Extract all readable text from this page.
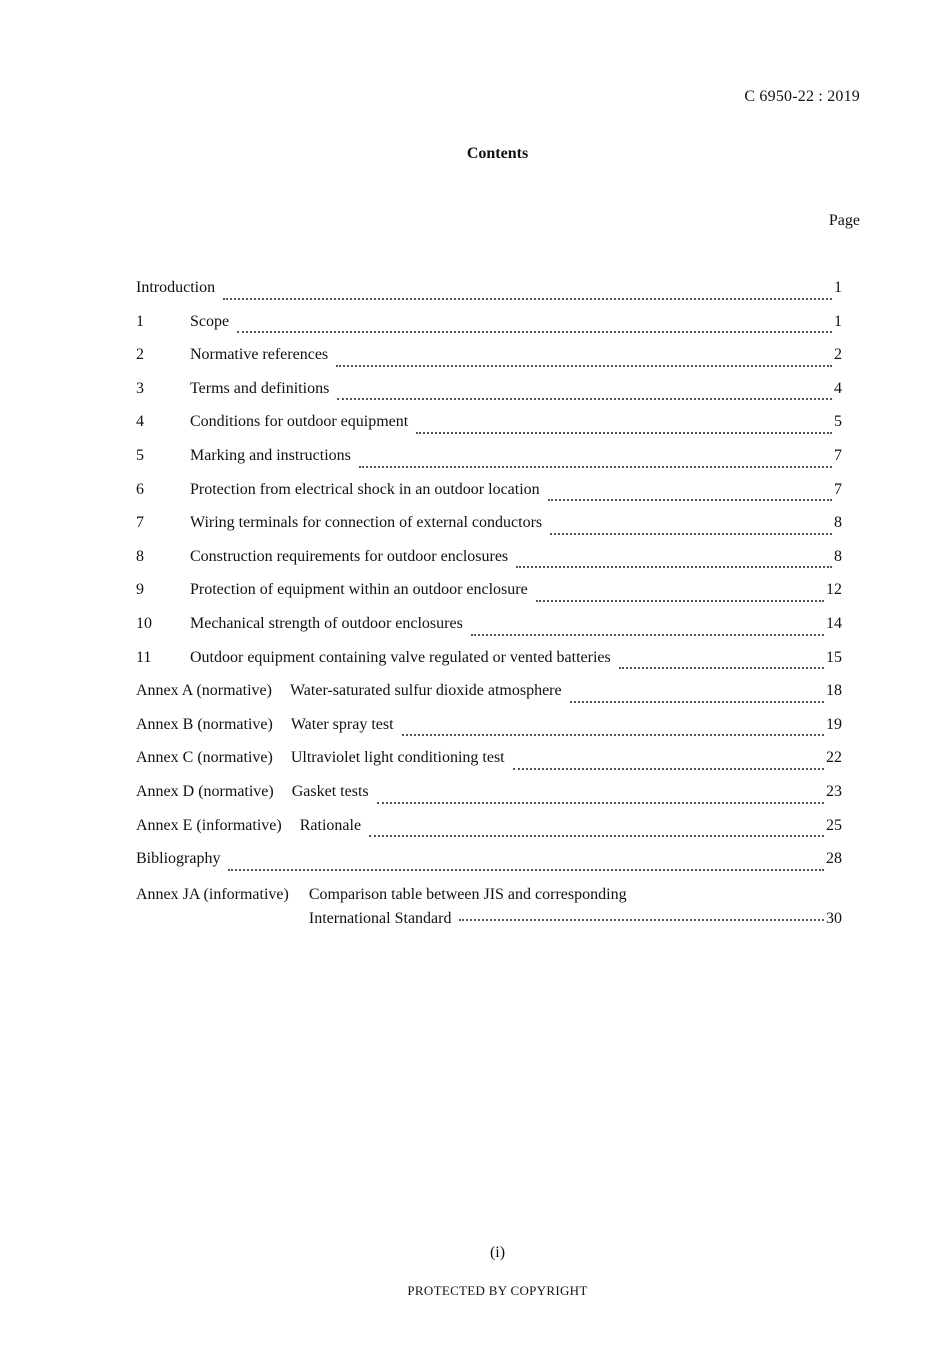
C 6950-22 : 2019
Contents
Page
Introduction	1
1	Scope	1
2	Normative references	2
3	Terms and definitions	4
4	Conditions for outdoor equipment	5
5	Marking and instructions	7
6	Protection from electrical shock in an outdoor location	7
7	Wiring terminals for connection of external conductors	8
8	Construction requirements for outdoor enclosures	8
9	Protection of equipment within an outdoor enclosure	12
10	Mechanical strength of outdoor enclosures	14
11	Outdoor equipment containing valve regulated or vented batteries	15
Annex A (normative)	Water-saturated sulfur dioxide atmosphere	18
Annex B (normative)	Water spray test	19
Annex C (normative)	Ultraviolet light conditioning test	22
Annex D (normative)	Gasket tests	23
Annex E (informative)	Rationale	25
Bibliography	28
Annex JA (informative)	Comparison table between JIS and corresponding
International Standard	30
(i)
PROTECTED BY COPYRIGHT
